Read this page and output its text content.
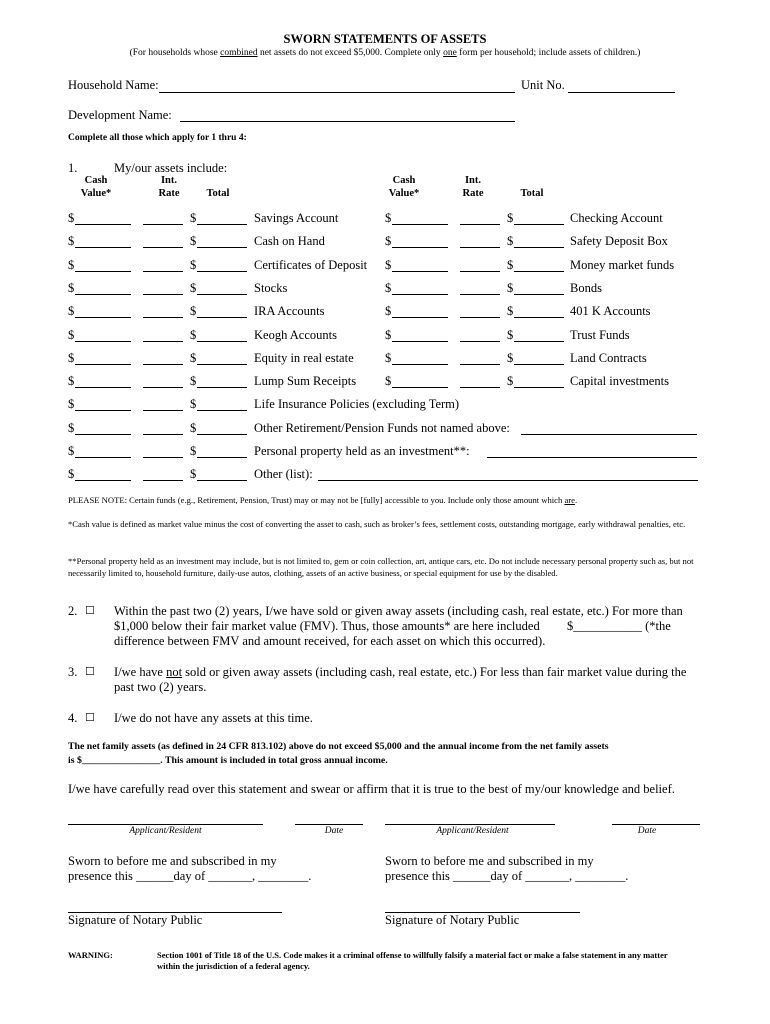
SWORN STATEMENTS OF ASSETS
(For households whose combined net assets do not exceed $5,000. Complete only one form per household; include assets of children.)
Household Name:	Unit No.
Development Name:
Complete all those which apply for 1 thru 4:
1.	My/our assets include:
Cash
Value*
Int.
Rate	Total
Cash
Value*
Int.
Rate	Total
$	$	Savings Account	$	$	Checking Account
$	$	Cash on Hand	$	$	Safety Deposit Box
$	$	Certificates of Deposit $	$	Money market funds
$	$	Stocks	$	$	Bonds
$	$	IRA Accounts	$	$	401 K Accounts
$	$	Keogh Accounts	$	$	Trust Funds
$	$	Equity in real estate	$	$	Land Contracts
$	$	Lump Sum Receipts $	$	Capital investments
$	$	Life Insurance Policies (excluding Term)
$	$	Other Retirement/Pension Funds not named above:
$	$	Personal property held as an investment**:
$	$	Other (list):
PLEASE NOTE: Certain funds (e.g., Retirement, Pension, Trust) may or may not be [fully] accessible to you. Include only those amount which are.
*Cash value is defined as market value minus the cost of converting the asset to cash, such as broker’s fees, settlement costs, outstanding mortgage, early withdrawal penalties, etc.
**Personal property held as an investment may include, but is not limited to, gem or coin collection, art, antique cars, etc. Do not include necessary personal property such as, but not necessarily limited to, household furniture, daily-use autos, clothing, assets of an active business, or special equipment for use by the disabled.
2. ☐ Within the past two (2) years, I/we have sold or given away assets (including cash, real estate, etc.) For more than
$1,000 below their fair market value (FMV). Thus, those amounts* are here included $___________ (*the
difference between FMV and amount received, for each asset on which this occurred).
3. ☐ I/we have not sold or given away assets (including cash, real estate, etc.) For less than fair market value during the
past two (2) years.
4. ☐ I/we do not have any assets at this time.
The net family assets (as defined in 24 CFR 813.102) above do not exceed $5,000 and the annual income from the net family assets
is $________________. This amount is included in total gross annual income.
I/we have carefully read over this statement and swear or affirm that it is true to the best of my/our knowledge and belief.
Applicant/Resident	Date	Applicant/Resident	Date
Sworn to before me and subscribed in my
presence this ______day of _______, ________.
Sworn to before me and subscribed in my
presence this ______day of _______, ________.
Signature of Notary Public	Signature of Notary Public
WARNING:	Section 1001 of Title 18 of the U.S. Code makes it a criminal offense to willfully falsify a material fact or make a false statement in any matter
within the jurisdiction of a federal agency.
